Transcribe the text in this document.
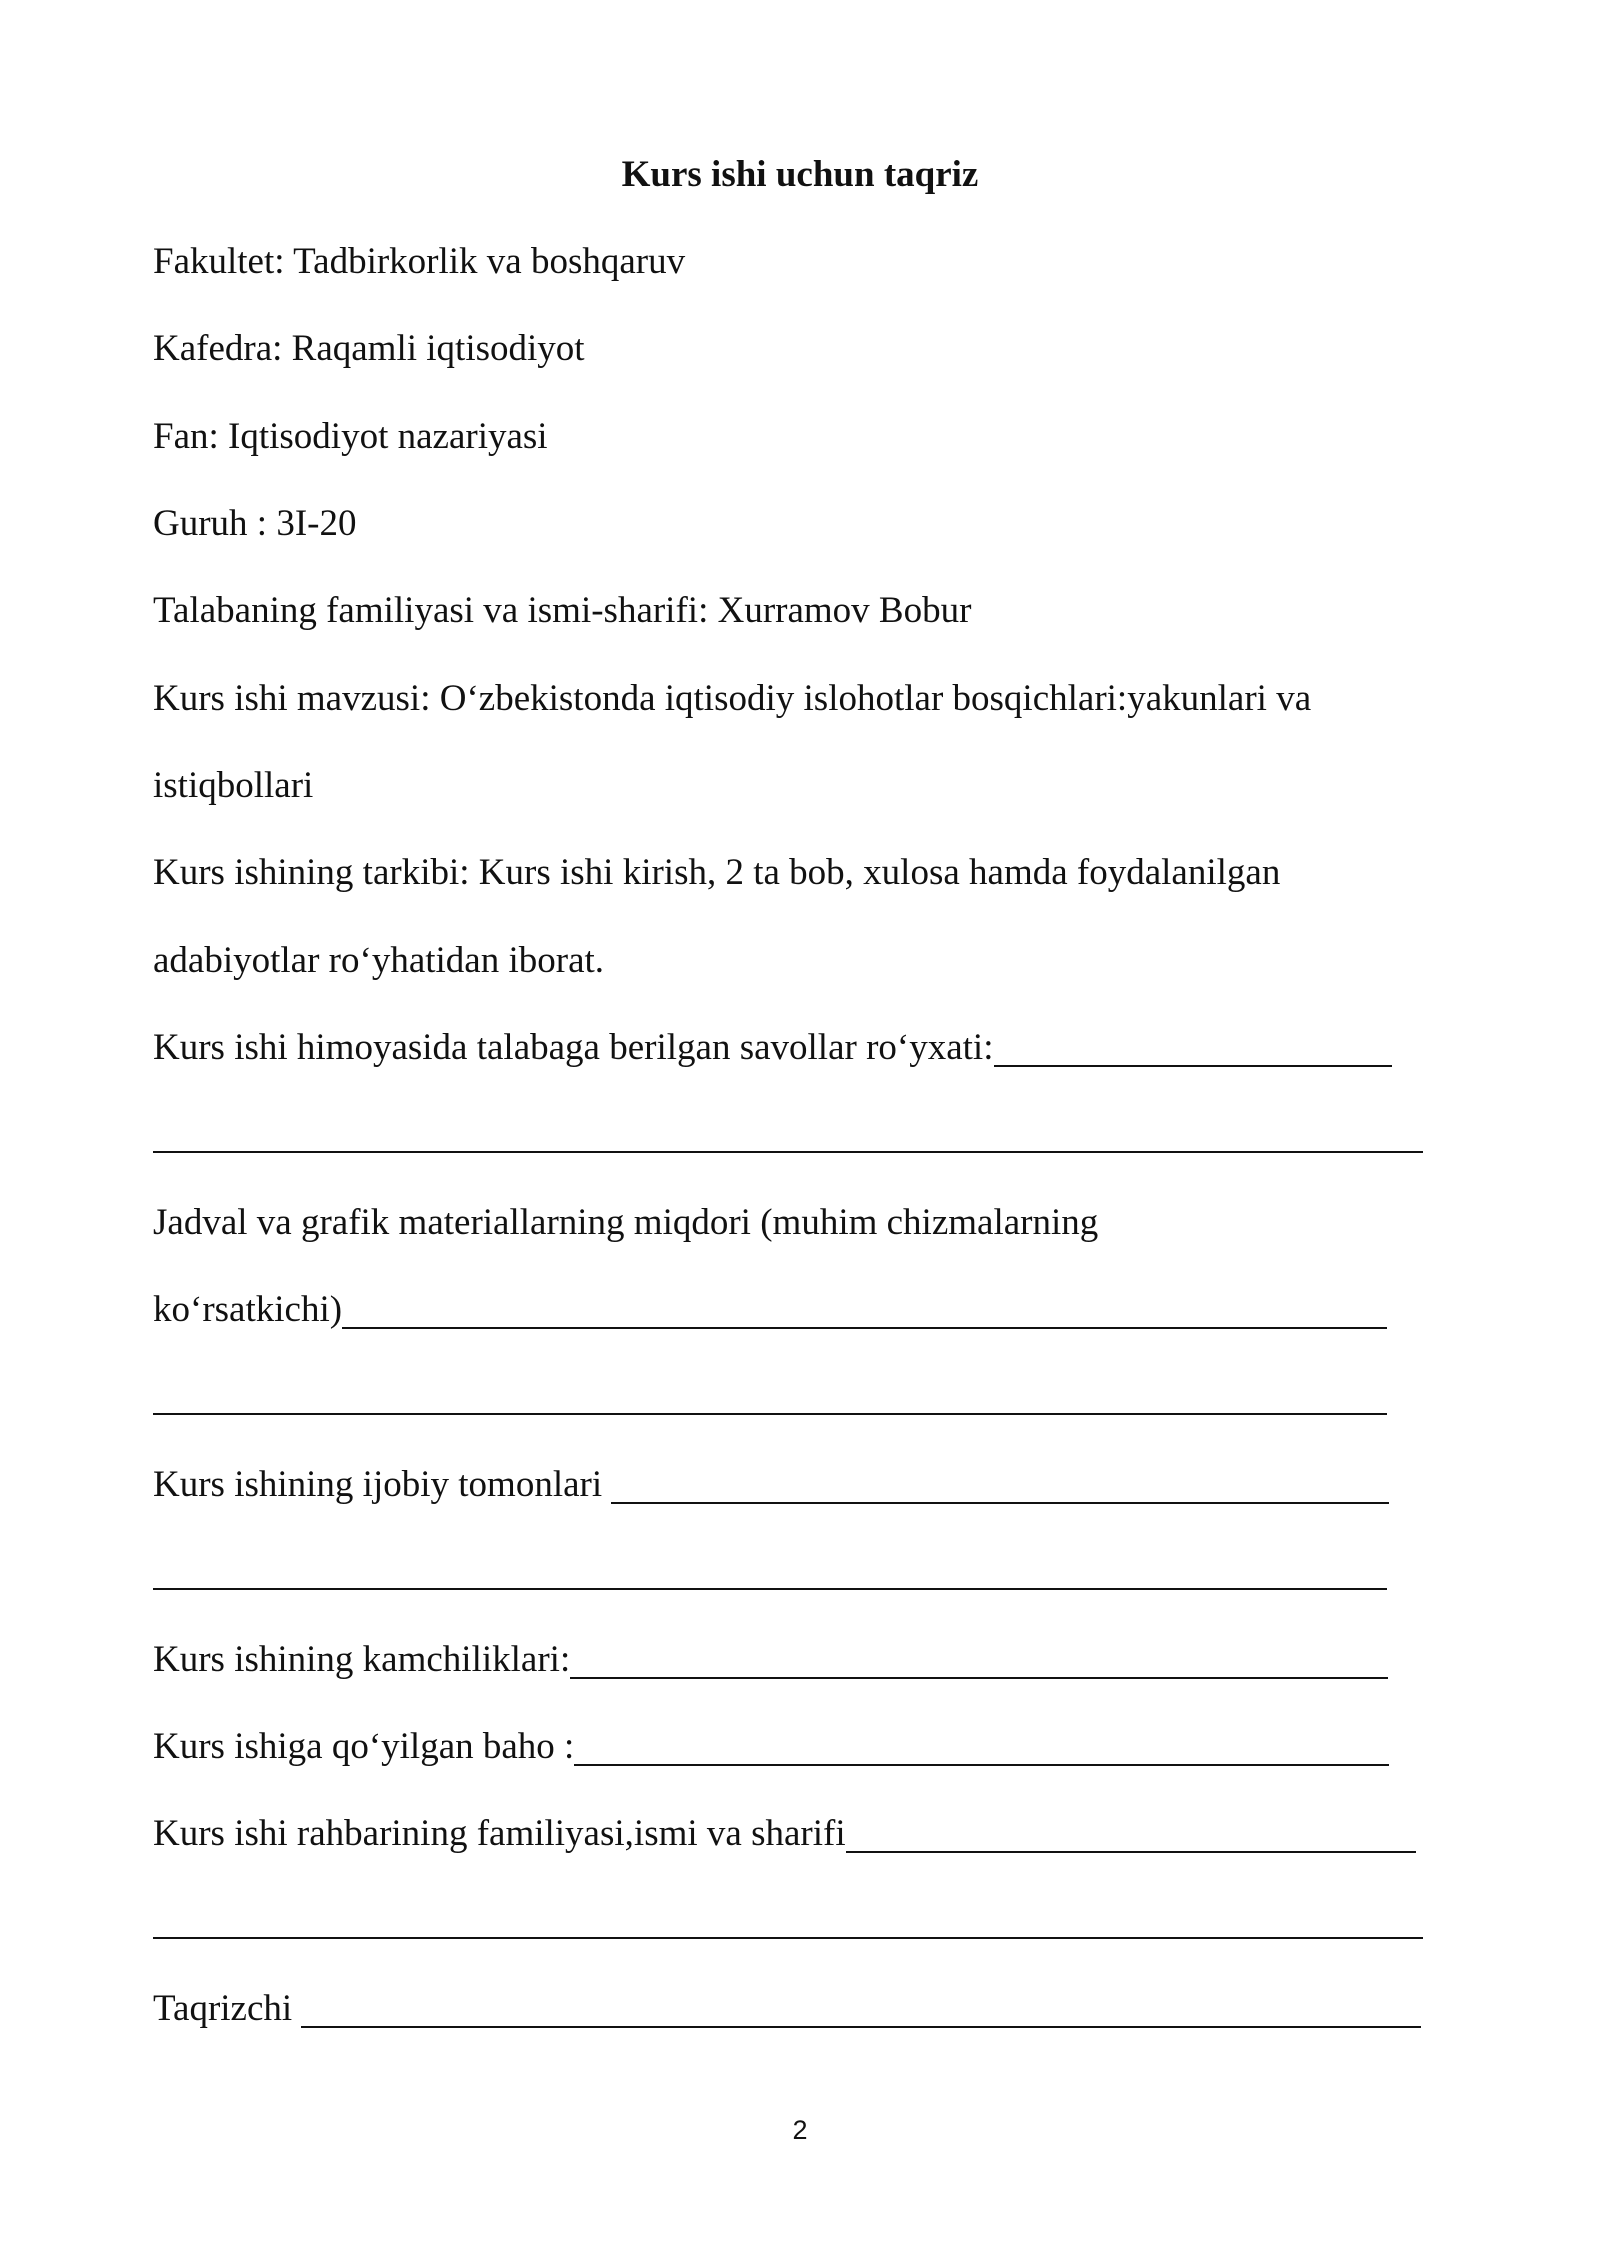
Kurs ishi uchun taqriz
Fakultet: Tadbirkorlik va boshqaruv
Kafedra: Raqamli iqtisodiyot
Fan: Iqtisodiyot nazariyasi
Guruh : 3I-20
Talabaning familiyasi va ismi-sharifi: Xurramov Bobur
Kurs ishi mavzusi: O‘zbekistonda iqtisodiy islohotlar bosqichlari:yakunlari va
istiqbollari
Kurs ishining tarkibi: Kurs ishi kirish, 2 ta bob, xulosa hamda foydalanilgan
adabiyotlar ro‘yhatidan iborat.
Kurs ishi himoyasida talabaga berilgan savollar ro‘yxati:
Jadval va grafik materiallarning miqdori (muhim chizmalarning
ko‘rsatkichi)
Kurs ishining ijobiy tomonlari
Kurs ishining kamchiliklari:
Kurs ishiga qo‘yilgan baho :
Kurs ishi rahbarining familiyasi,ismi va sharifi
Taqrizchi
2
